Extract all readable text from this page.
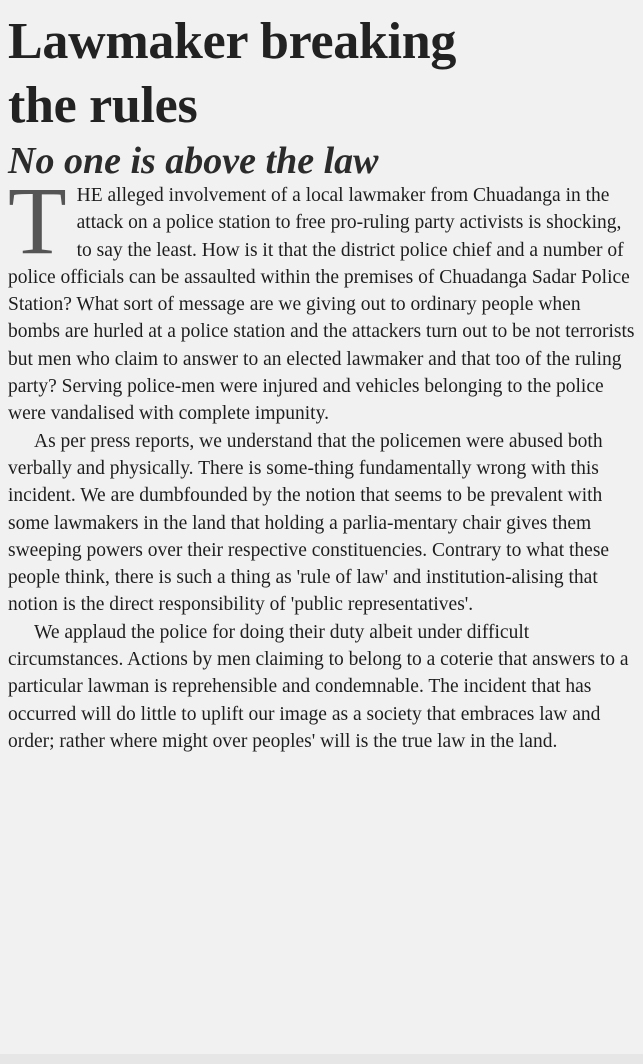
Lawmaker breaking
the rules
No one is above the law

THE alleged involvement of a local lawmaker from Chuadanga in the attack on a police station to free pro-ruling party activists is shocking, to say the least. How is it that the district police chief and a number of police officials can be assaulted within the premises of Chuadanga Sadar Police Station? What sort of message are we giving out to ordinary people when bombs are hurled at a police station and the attackers turn out to be not terrorists but men who claim to answer to an elected lawmaker and that too of the ruling party? Serving police-men were injured and vehicles belonging to the police were vandalised with complete impunity.

As per press reports, we understand that the policemen were abused both verbally and physically. There is some-thing fundamentally wrong with this incident. We are dumbfounded by the notion that seems to be prevalent with some lawmakers in the land that holding a parlia-mentary chair gives them sweeping powers over their respective constituencies. Contrary to what these people think, there is such a thing as 'rule of law' and institution-alising that notion is the direct responsibility of 'public representatives'.

We applaud the police for doing their duty albeit under difficult circumstances. Actions by men claiming to belong to a coterie that answers to a particular lawman is reprehensible and condemnable. The incident that has occurred will do little to uplift our image as a society that embraces law and order; rather where might over peoples' will is the true law in the land.
